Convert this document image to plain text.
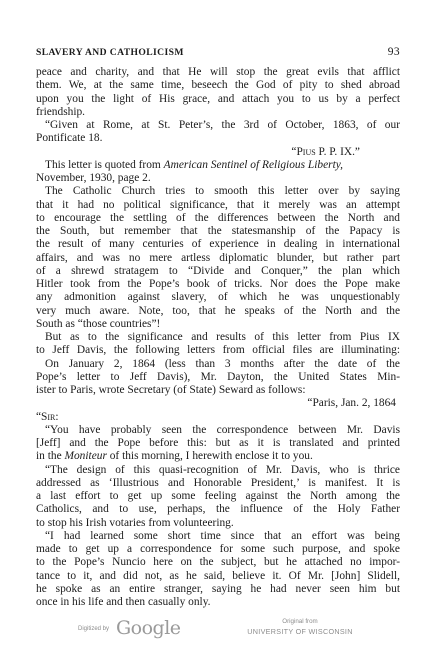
SLAVERY AND CATHOLICISM	93
peace and charity, and that He will stop the great evils that afflict
them. We, at the same time, beseech the God of pity to shed abroad
upon you the light of His grace, and attach you to us by a perfect
friendship.
“Given at Rome, at St. Peter’s, the 3rd of October, 1863, of our
Pontificate 18.
“Pius P. P. IX.”
This letter is quoted from American Sentinel of Religious Liberty,
November, 1930, page 2.
The Catholic Church tries to smooth this letter over by saying
that it had no political significance, that it merely was an attempt
to encourage the settling of the differences between the North and
the South, but remember that the statesmanship of the Papacy is
the result of many centuries of experience in dealing in international
affairs, and was no mere artless diplomatic blunder, but rather part
of a shrewd stratagem to “Divide and Conquer,” the plan which
Hitler took from the Pope’s book of tricks. Nor does the Pope make
any admonition against slavery, of which he was unquestionably
very much aware. Note, too, that he speaks of the North and the
South as “those countries”!
But as to the significance and results of this letter from Pius IX
to Jeff Davis, the following letters from official files are illuminating:
On January 2, 1864 (less than 3 months after the date of the
Pope’s letter to Jeff Davis), Mr. Dayton, the United States Min-
ister to Paris, wrote Secretary (of State) Seward as follows:
“Paris, Jan. 2, 1864
“Sir:
“You have probably seen the correspondence between Mr. Davis
[Jeff] and the Pope before this: but as it is translated and printed
in the Moniteur of this morning, I herewith enclose it to you.
“The design of this quasi-recognition of Mr. Davis, who is thrice
addressed as ‘Illustrious and Honorable President,’ is manifest. It is
a last effort to get up some feeling against the North among the
Catholics, and to use, perhaps, the influence of the Holy Father
to stop his Irish votaries from volunteering.
“I had learned some short time since that an effort was being
made to get up a correspondence for some such purpose, and spoke
to the Pope’s Nuncio here on the subject, but he attached no impor-
tance to it, and did not, as he said, believe it. Of Mr. [John] Slidell,
he spoke as an entire stranger, saying he had never seen him but
once in his life and then casually only.
Digitized by Google	Original from
UNIVERSITY OF WISCONSIN
